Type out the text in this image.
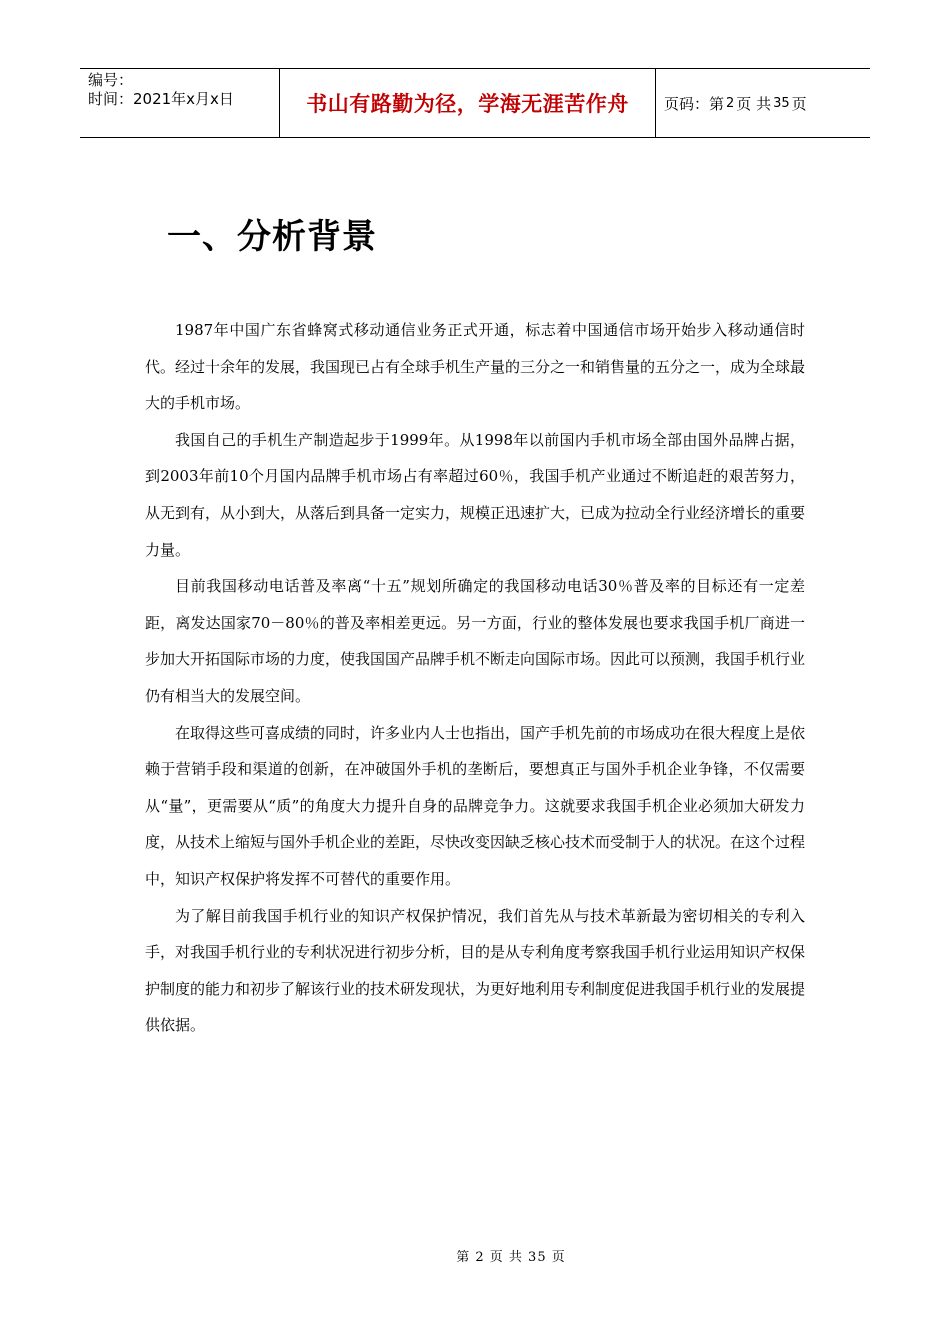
编号：
时间：2021年x月x日	书山有路勤为径，学海无涯苦作舟	页码：第 2 页 共 35 页
一、分析背景

1987年中国广东省蜂窝式移动通信业务正式开通，标志着中国通信市场开始步入移动通信时代。经过十余年的发展，我国现已占有全球手机生产量的三分之一和销售量的五分之一，成为全球最大的手机市场。

我国自己的手机生产制造起步于1999年。从1998年以前国内手机市场全部由国外品牌占据，到2003年前10个月国内品牌手机市场占有率超过60％，我国手机产业通过不断追赶的艰苦努力，从无到有，从小到大，从落后到具备一定实力，规模正迅速扩大，已成为拉动全行业经济增长的重要力量。

目前我国移动电话普及率离“十五”规划所确定的我国移动电话30％普及率的目标还有一定差距，离发达国家70－80％的普及率相差更远。另一方面，行业的整体发展也要求我国手机厂商进一步加大开拓国际市场的力度，使我国国产品牌手机不断走向国际市场。因此可以预测，我国手机行业仍有相当大的发展空间。

在取得这些可喜成绩的同时，许多业内人士也指出，国产手机先前的市场成功在很大程度上是依赖于营销手段和渠道的创新，在冲破国外手机的垄断后，要想真正与国外手机企业争锋，不仅需要从“量”，更需要从“质”的角度大力提升自身的品牌竞争力。这就要求我国手机企业必须加大研发力度，从技术上缩短与国外手机企业的差距，尽快改变因缺乏核心技术而受制于人的状况。在这个过程中，知识产权保护将发挥不可替代的重要作用。

为了解目前我国手机行业的知识产权保护情况，我们首先从与技术革新最为密切相关的专利入手，对我国手机行业的专利状况进行初步分析，目的是从专利角度考察我国手机行业运用知识产权保护制度的能力和初步了解该行业的技术研发现状，为更好地利用专利制度促进我国手机行业的发展提供依据。

第 2 页 共 35 页
